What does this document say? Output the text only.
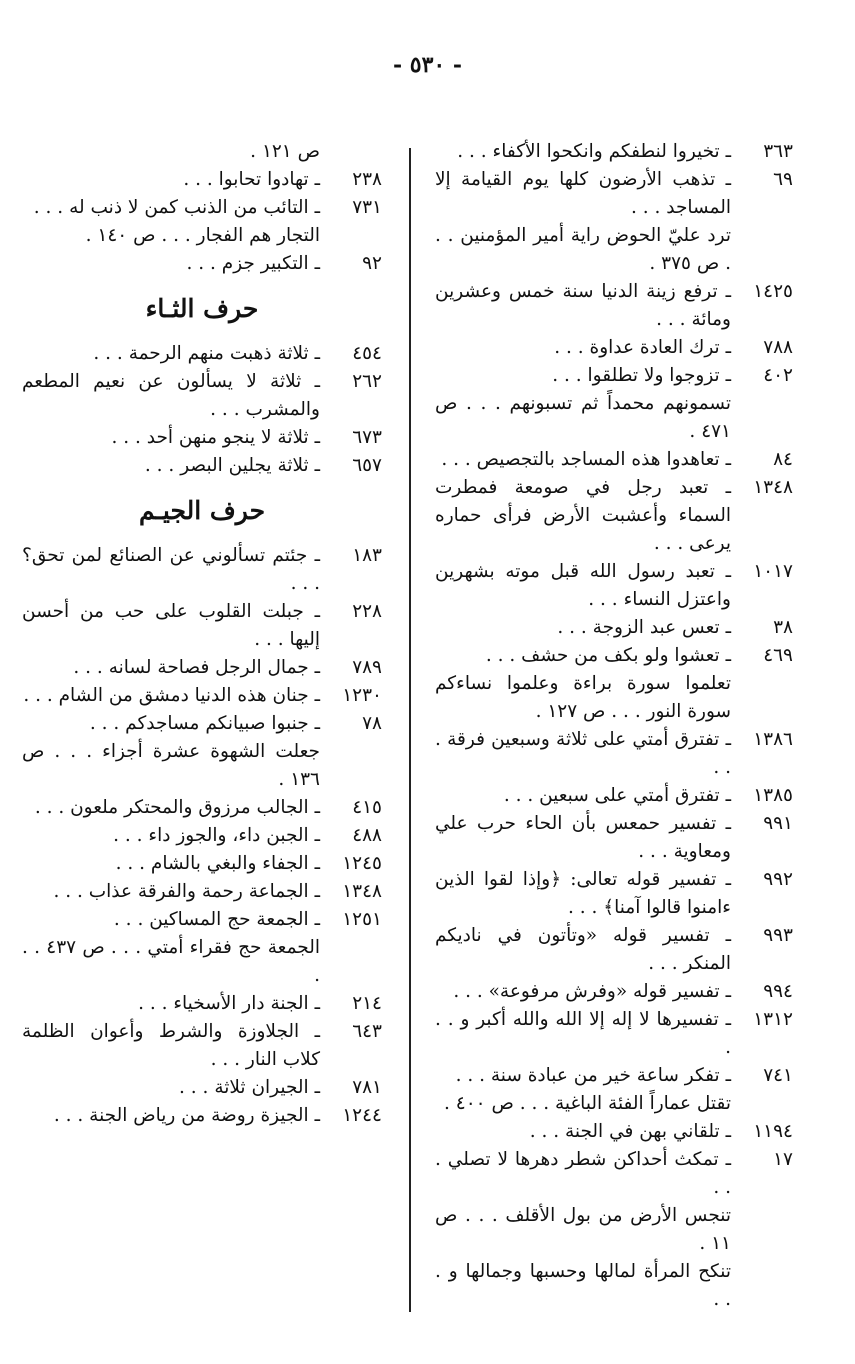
- ٥٣٠ -
٣٦٣
ـ تخيروا لنطفكم وانكحوا الأكفاء . . .
٦٩
ـ تذهب الأرضون كلها يوم القيامة إلا المساجد . . .
ترد عليّ الحوض راية أمير المؤمنين . . . ص ٣٧٥ .
١٤٢٥
ـ ترفع زينة الدنيا سنة خمس وعشرين ومائة . . .
٧٨٨
ـ ترك العادة عداوة . . .
٤٠٢
ـ تزوجوا ولا تطلقوا . . .
تسمونهم محمداً ثم تسبونهم . . . ص ٤٧١ .
٨٤
ـ تعاهدوا هذه المساجد بالتجصيص . . .
١٣٤٨
ـ تعبد رجل في صومعة فمطرت السماء وأعشبت الأرض فرأى حماره يرعى . . .
١٠١٧
ـ تعبد رسول الله قبل موته بشهرين واعتزل النساء . . .
٣٨
ـ تعس عبد الزوجة . . .
٤٦٩
ـ تعشوا ولو بكف من حشف . . .
تعلموا سورة براءة وعلموا نساءكم سورة النور . . . ص ١٢٧ .
١٣٨٦
ـ تفترق أمتي على ثلاثة وسبعين فرقة . . .
١٣٨٥
ـ تفترق أمتي على سبعين . . .
٩٩١
ـ تفسير حمعس بأن الحاء حرب علي ومعاوية . . .
٩٩٢
ـ تفسير قوله تعالى: ﴿وإذا لقوا الذين ءامنوا قالوا آمنا﴾ . . .
٩٩٣
ـ تفسير قوله «وتأتون في ناديكم المنكر . . .
٩٩٤
ـ تفسير قوله «وفرش مرفوعة» . . .
١٣١٢
ـ تفسيرها لا إله إلا الله والله أكبر و . . .
٧٤١
ـ تفكر ساعة خير من عبادة سنة . . .
تقتل عماراً الفئة الباغية . . . ص ٤٠٠ .
١١٩٤
ـ تلقاني بهن في الجنة . . .
١٧
ـ تمكث أحداكن شطر دهرها لا تصلي . . .
تنجس الأرض من بول الأقلف . . . ص ١١ .
تنكح المرأة لمالها وحسبها وجمالها و . . .
ص ١٢١ .
٢٣٨
ـ تهادوا تحابوا . . .
٧٣١
ـ التائب من الذنب كمن لا ذنب له . . .
التجار هم الفجار . . . ص ١٤٠ .
٩٢
ـ التكبير جزم . . .
حرف الثـاء
٤٥٤
ـ ثلاثة ذهبت منهم الرحمة . . .
٢٦٢
ـ ثلاثة لا يسألون عن نعيم المطعم والمشرب . . .
٦٧٣
ـ ثلاثة لا ينجو منهن أحد . . .
٦٥٧
ـ ثلاثة يجلين البصر . . .
حرف الجيـم
١٨٣
ـ جئتم تسألوني عن الصنائع لمن تحق؟ . . .
٢٢٨
ـ جبلت القلوب على حب من أحسن إليها . . .
٧٨٩
ـ جمال الرجل فصاحة لسانه . . .
١٢٣٠
ـ جنان هذه الدنيا دمشق من الشام . . .
٧٨
ـ جنبوا صبيانكم مساجدكم . . .
جعلت الشهوة عشرة أجزاء . . . ص ١٣٦ .
٤١٥
ـ الجالب مرزوق والمحتكر ملعون . . .
٤٨٨
ـ الجبن داء، والجوز داء . . .
١٢٤٥
ـ الجفاء والبغي بالشام . . .
١٣٤٨
ـ الجماعة رحمة والفرقة عذاب . . .
١٢٥١
ـ الجمعة حج المساكين . . .
الجمعة حج فقراء أمتي . . . ص ٤٣٧ . . .
٢١٤
ـ الجنة دار الأسخياء . . .
٦٤٣
ـ الجلاوزة والشرط وأعوان الظلمة كلاب النار . . .
٧٨١
ـ الجيران ثلاثة . . .
١٢٤٤
ـ الجيزة روضة من رياض الجنة . . .
